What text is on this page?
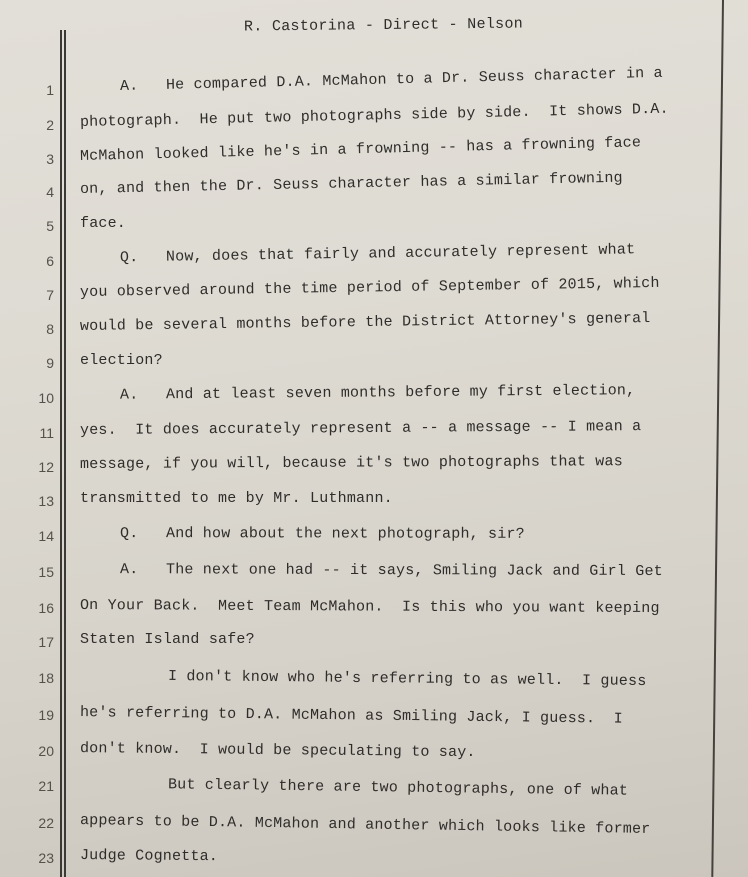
R. Castorina - Direct - Nelson
1	A.   He compared D.A. McMahon to a Dr. Seuss character in a
2 photograph.  He put two photographs side by side.  It shows D.A.
3 McMahon looked like he's in a frowning -- has a frowning face
4 on, and then the Dr. Seuss character has a similar frowning
5 face.
6	Q.   Now, does that fairly and accurately represent what
7 you observed around the time period of September of 2015, which
8 would be several months before the District Attorney's general
9 election?
10	A.   And at least seven months before my first election,
11 yes.  It does accurately represent a -- a message -- I mean a
12 message, if you will, because it's two photographs that was
13 transmitted to me by Mr. Luthmann.
14	Q.   And how about the next photograph, sir?
15	A.   The next one had -- it says, Smiling Jack and Girl Get
16 On Your Back.  Meet Team McMahon.  Is this who you want keeping
17 Staten Island safe?
18	I don't know who he's referring to as well.  I guess
19 he's referring to D.A. McMahon as Smiling Jack, I guess.  I
20 don't know.  I would be speculating to say.
21	But clearly there are two photographs, one of what
22 appears to be D.A. McMahon and another which looks like former
23 Judge Cognetta.
